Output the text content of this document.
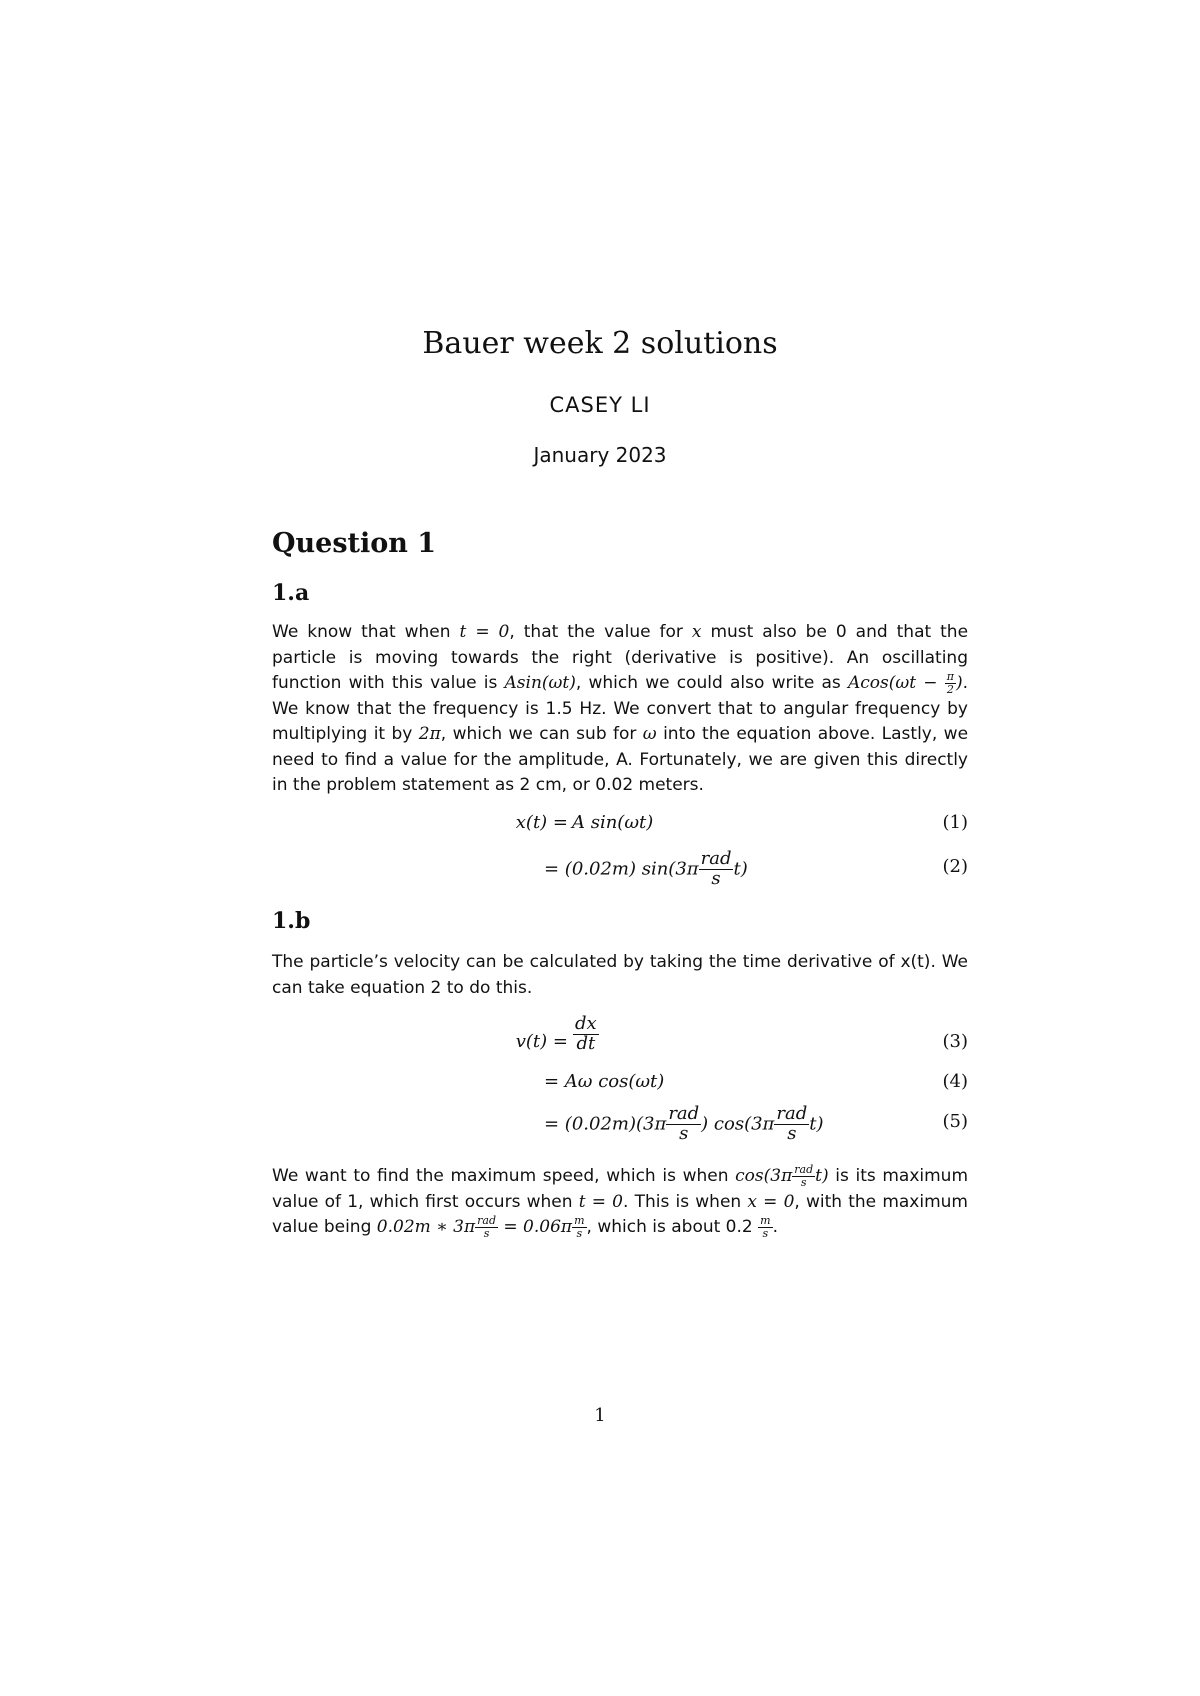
Bauer week 2 solutions
CASEY LI
January 2023
Question 1
1.a
We know that when t = 0, that the value for x must also be 0 and that the particle is moving towards the right (derivative is positive). An oscillating function with this value is Asin(ωt), which we could also write as $Acos(\omega t - \frac{\pi}{2}$ ). We know that the frequency is 1.5 Hz. We convert that to angular frequency by multiplying it by 2π, which we can sub for ω into the equation above. Lastly, we need to find a value for the amplitude, A. Fortunately, we are given this directly in the problem statement as 2 cm, or 0.02 meters.
x(t) = A sin(ωt)	(1)
= (0.02m) $\sin(3\pi \frac{\text{rad}}{s} t)$	(2)
1.b
The particle’s velocity can be calculated by taking the time derivative of x(t). We can take equation 2 to do this.
$v(t) = \frac{dx}{dt}$	(3)
= Aω cos(ωt)	(4)
= $(0.02m)(3\pi \frac{\text{rad}}{s}$ ) $\cos(3\pi \frac{\text{rad}}{s} t)$	(5)
We want to find the maximum speed, which is when $\cos(3\pi \frac{\text{rad}}{s} t)$ is its maximum value of 1, which first occurs when t = 0. This is when x = 0, with the maximum value being 0.02m ∗ $3\pi \frac{\text{rad}}{s} = 0.06\pi \frac{m}{s}$ , which is about $0.2 \frac{m}{s}$ .
1
